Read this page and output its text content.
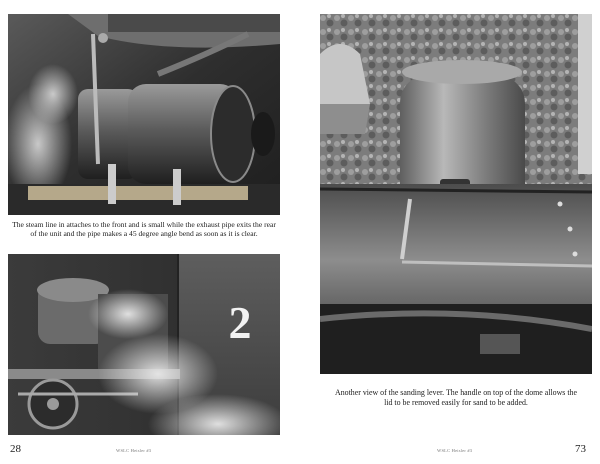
The steam line in attaches to the front and is small while the exhaust pipe exits the rear of the unit and the pipe makes a 45 degree angle bend as soon as it is clear.
2
28	WSLC Heisler #3
Another view of the sanding lever. The handle on top of the dome allows the lid to be removed easily for sand to be added.
WSLC Heisler #3	73
